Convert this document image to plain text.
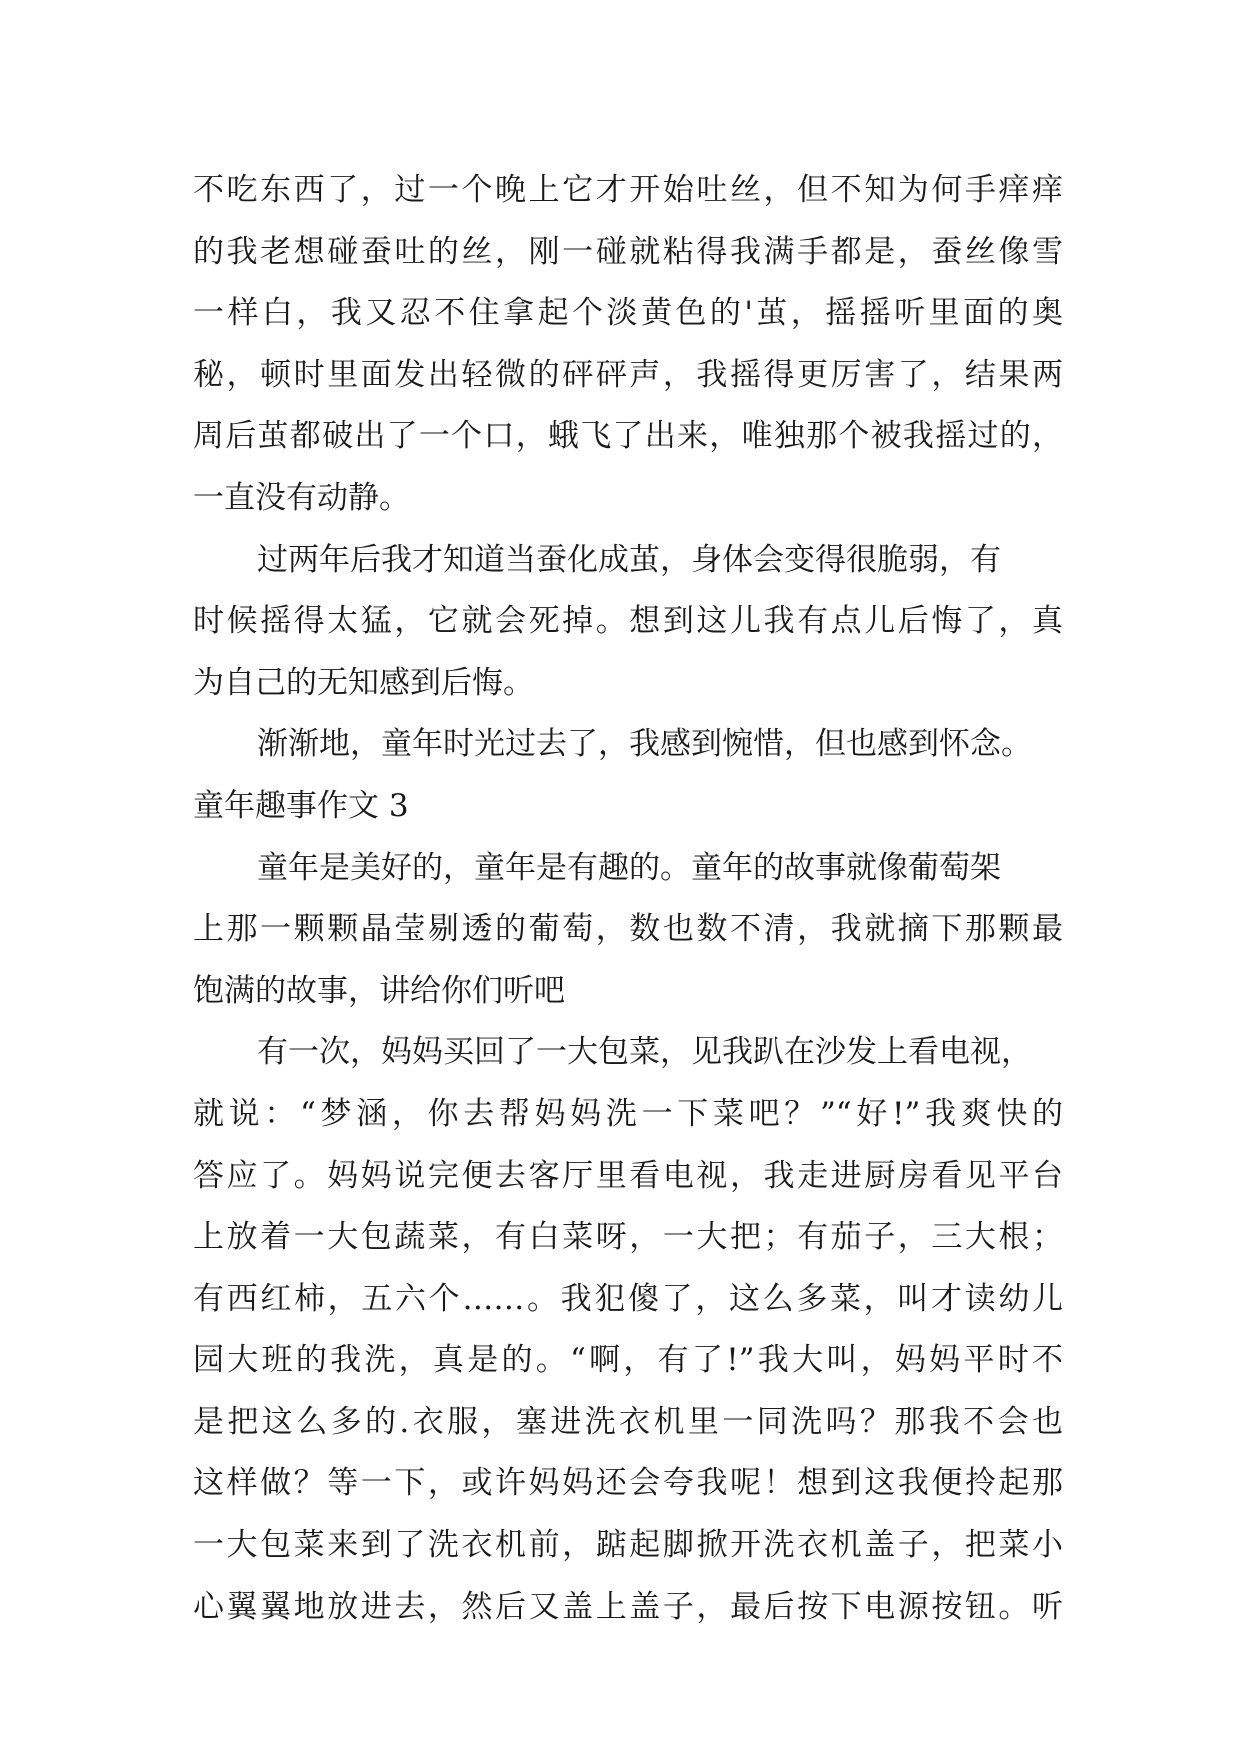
不吃东西了，过一个晚上它才开始吐丝，但不知为何手痒痒
的我老想碰蚕吐的丝，刚一碰就粘得我满手都是，蚕丝像雪
一样白，我又忍不住拿起个淡黄色的'茧，摇摇听里面的奥
秘，顿时里面发出轻微的砰砰声，我摇得更厉害了，结果两
周后茧都破出了一个口，蛾飞了出来，唯独那个被我摇过的，
一直没有动静。
过两年后我才知道当蚕化成茧，身体会变得很脆弱，有
时候摇得太猛，它就会死掉。想到这儿我有点儿后悔了，真
为自己的无知感到后悔。
渐渐地，童年时光过去了，我感到惋惜，但也感到怀念。
童年趣事作文 3
童年是美好的，童年是有趣的。童年的故事就像葡萄架
上那一颗颗晶莹剔透的葡萄，数也数不清，我就摘下那颗最
饱满的故事，讲给你们听吧
有一次，妈妈买回了一大包菜，见我趴在沙发上看电视，
就说：“梦涵，你去帮妈妈洗一下菜吧？”“好!”我爽快的
答应了。妈妈说完便去客厅里看电视，我走进厨房看见平台
上放着一大包蔬菜，有白菜呀，一大把；有茄子，三大根；
有西红柿，五六个……。我犯傻了，这么多菜，叫才读幼儿
园大班的我洗，真是的。“啊，有了!”我大叫，妈妈平时不
是把这么多的.衣服，塞进洗衣机里一同洗吗？那我不会也
这样做？等一下，或许妈妈还会夸我呢！想到这我便拎起那
一大包菜来到了洗衣机前，踮起脚掀开洗衣机盖子，把菜小
心翼翼地放进去，然后又盖上盖子，最后按下电源按钮。听
